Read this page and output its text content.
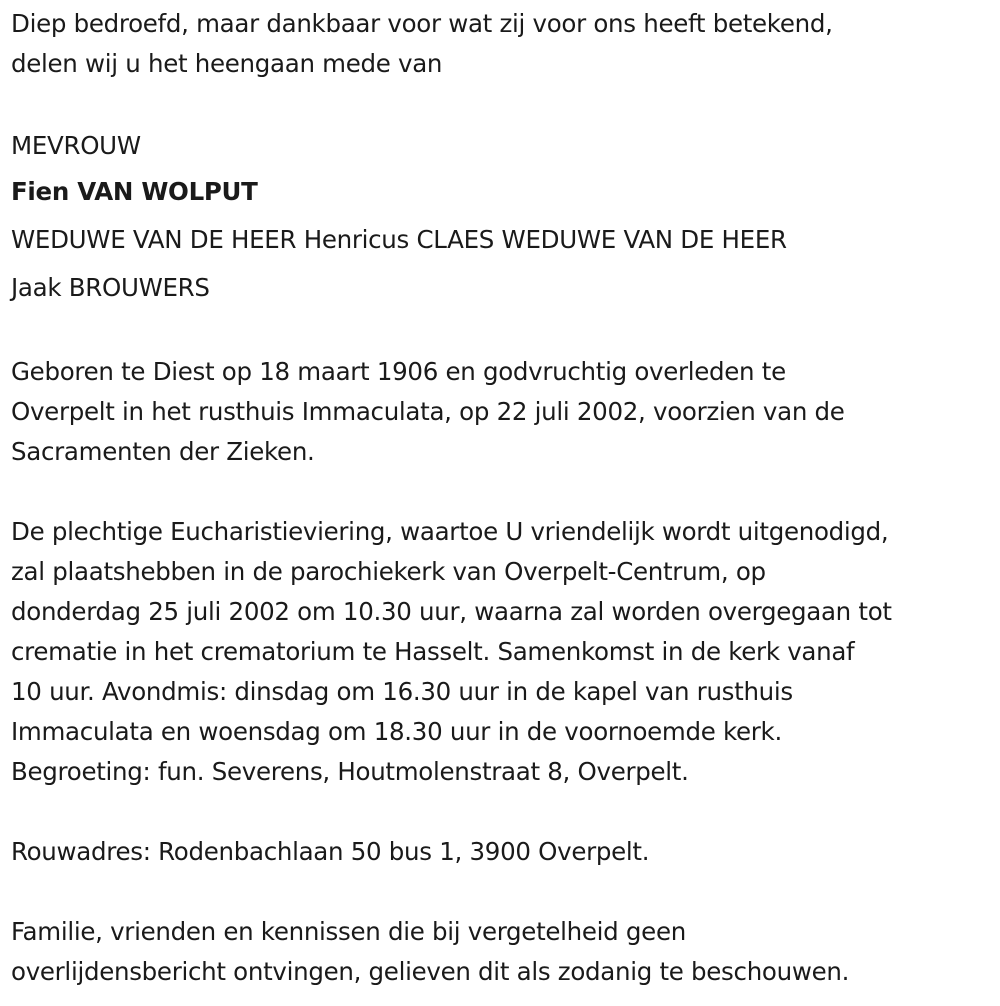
Diep bedroefd, maar dankbaar voor wat zij voor ons heeft betekend,
delen wij u het heengaan mede van
MEVROUW
Fien VAN WOLPUT
WEDUWE VAN DE HEER Henricus CLAES WEDUWE VAN DE HEER
Jaak BROUWERS
Geboren te Diest op 18 maart 1906 en godvruchtig overleden te
Overpelt in het rusthuis Immaculata, op 22 juli 2002, voorzien van de
Sacramenten der Zieken.
De plechtige Eucharistieviering, waartoe U vriendelijk wordt uitgenodigd,
zal plaatshebben in de parochiekerk van Overpelt-Centrum, op
donderdag 25 juli 2002 om 10.30 uur, waarna zal worden overgegaan tot
crematie in het crematorium te Hasselt. Samenkomst in de kerk vanaf
10 uur. Avondmis: dinsdag om 16.30 uur in de kapel van rusthuis
Immaculata en woensdag om 18.30 uur in de voornoemde kerk.
Begroeting: fun. Severens, Houtmolenstraat 8, Overpelt.
Rouwadres: Rodenbachlaan 50 bus 1, 3900 Overpelt.
Familie, vrienden en kennissen die bij vergetelheid geen
overlijdensbericht ontvingen, gelieven dit als zodanig te beschouwen.
